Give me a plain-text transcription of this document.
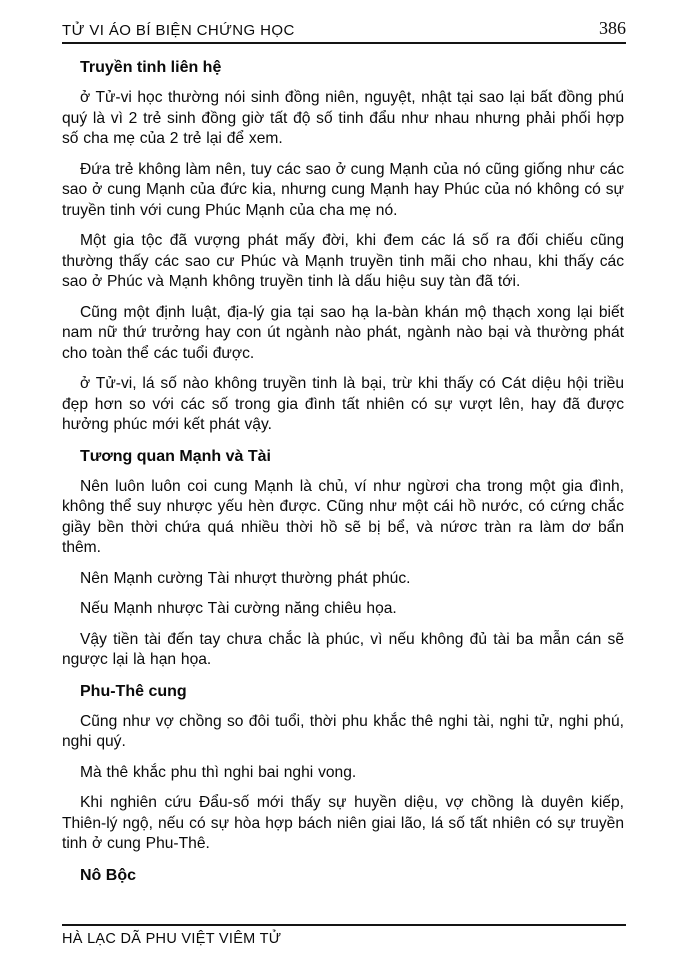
TỬ VI ÁO BÍ BIỆN CHỨNG HỌC	386
Truyền tinh liên hệ

ở Tử-vi học thường nói sinh đồng niên, nguyệt, nhật tại sao lại bất đồng phú quý là vì 2 trẻ sinh đồng giờ tất độ số tinh đẩu như nhau nhưng phải phối hợp số cha mẹ của 2 trẻ lại để xem.

Đứa trẻ không làm nên, tuy các sao ở cung Mạnh của nó cũng giống như các sao ở cung Mạnh của đức kia, nhưng cung Mạnh hay Phúc của nó không có sự truyền tinh với cung Phúc Mạnh của cha mẹ nó.

Một gia tộc đã vượng phát mấy đời, khi đem các lá số ra đối chiếu cũng thường thấy các sao cư Phúc và Mạnh truyền tinh mãi cho nhau, khi thấy các sao ở Phúc và Mạnh không truyền tinh là dấu hiệu suy tàn đã tới.

Cũng một định luật, địa-lý gia tại sao hạ la-bàn khán mộ thạch xong lại biết nam nữ thứ trưởng hay con út ngành nào phát, ngành nào bại và thường phát cho toàn thể các tuổi được.

ở Tử-vi, lá số nào không truyền tinh là bại, trừ khi thấy có Cát diệu hội triều đẹp hơn so với các số trong gia đình tất nhiên có sự vượt lên, hay đã được hưởng phúc mới kết phát vậy.

Tương quan Mạnh và Tài

Nên luôn luôn coi cung Mạnh là chủ, ví như ngừơi cha trong một gia đình, không thể suy nhược yếu hèn được. Cũng như một cái hồ nước, có cứng chắc giầy bền thời chứa quá nhiều thời hồ sẽ bị bể, và nứơc tràn ra làm dơ bẩn thêm.

Nên Mạnh cường Tài nhượt thường phát phúc.

Nếu Mạnh nhược Tài cường năng chiêu họa.

Vậy tiền tài đến tay chưa chắc là phúc, vì nếu không đủ tài ba mẫn cán sẽ ngược lại là hạn họa.

Phu-Thê cung

Cũng như vợ chồng so đôi tuổi, thời phu khắc thê nghi tài, nghi tử, nghi phú, nghi quý.

Mà thê khắc phu thì nghi bai nghi vong.

Khi nghiên cứu Đẩu-số mới thấy sự huyền diệu, vợ chồng là duyên kiếp, Thiên-lý ngộ, nếu có sự hòa hợp bách niên giai lão, lá số tất nhiên có sự truyền tinh ở cung Phu-Thê.

Nô Bộc
HÀ LẠC DÃ PHU VIỆT VIÊM TỬ
